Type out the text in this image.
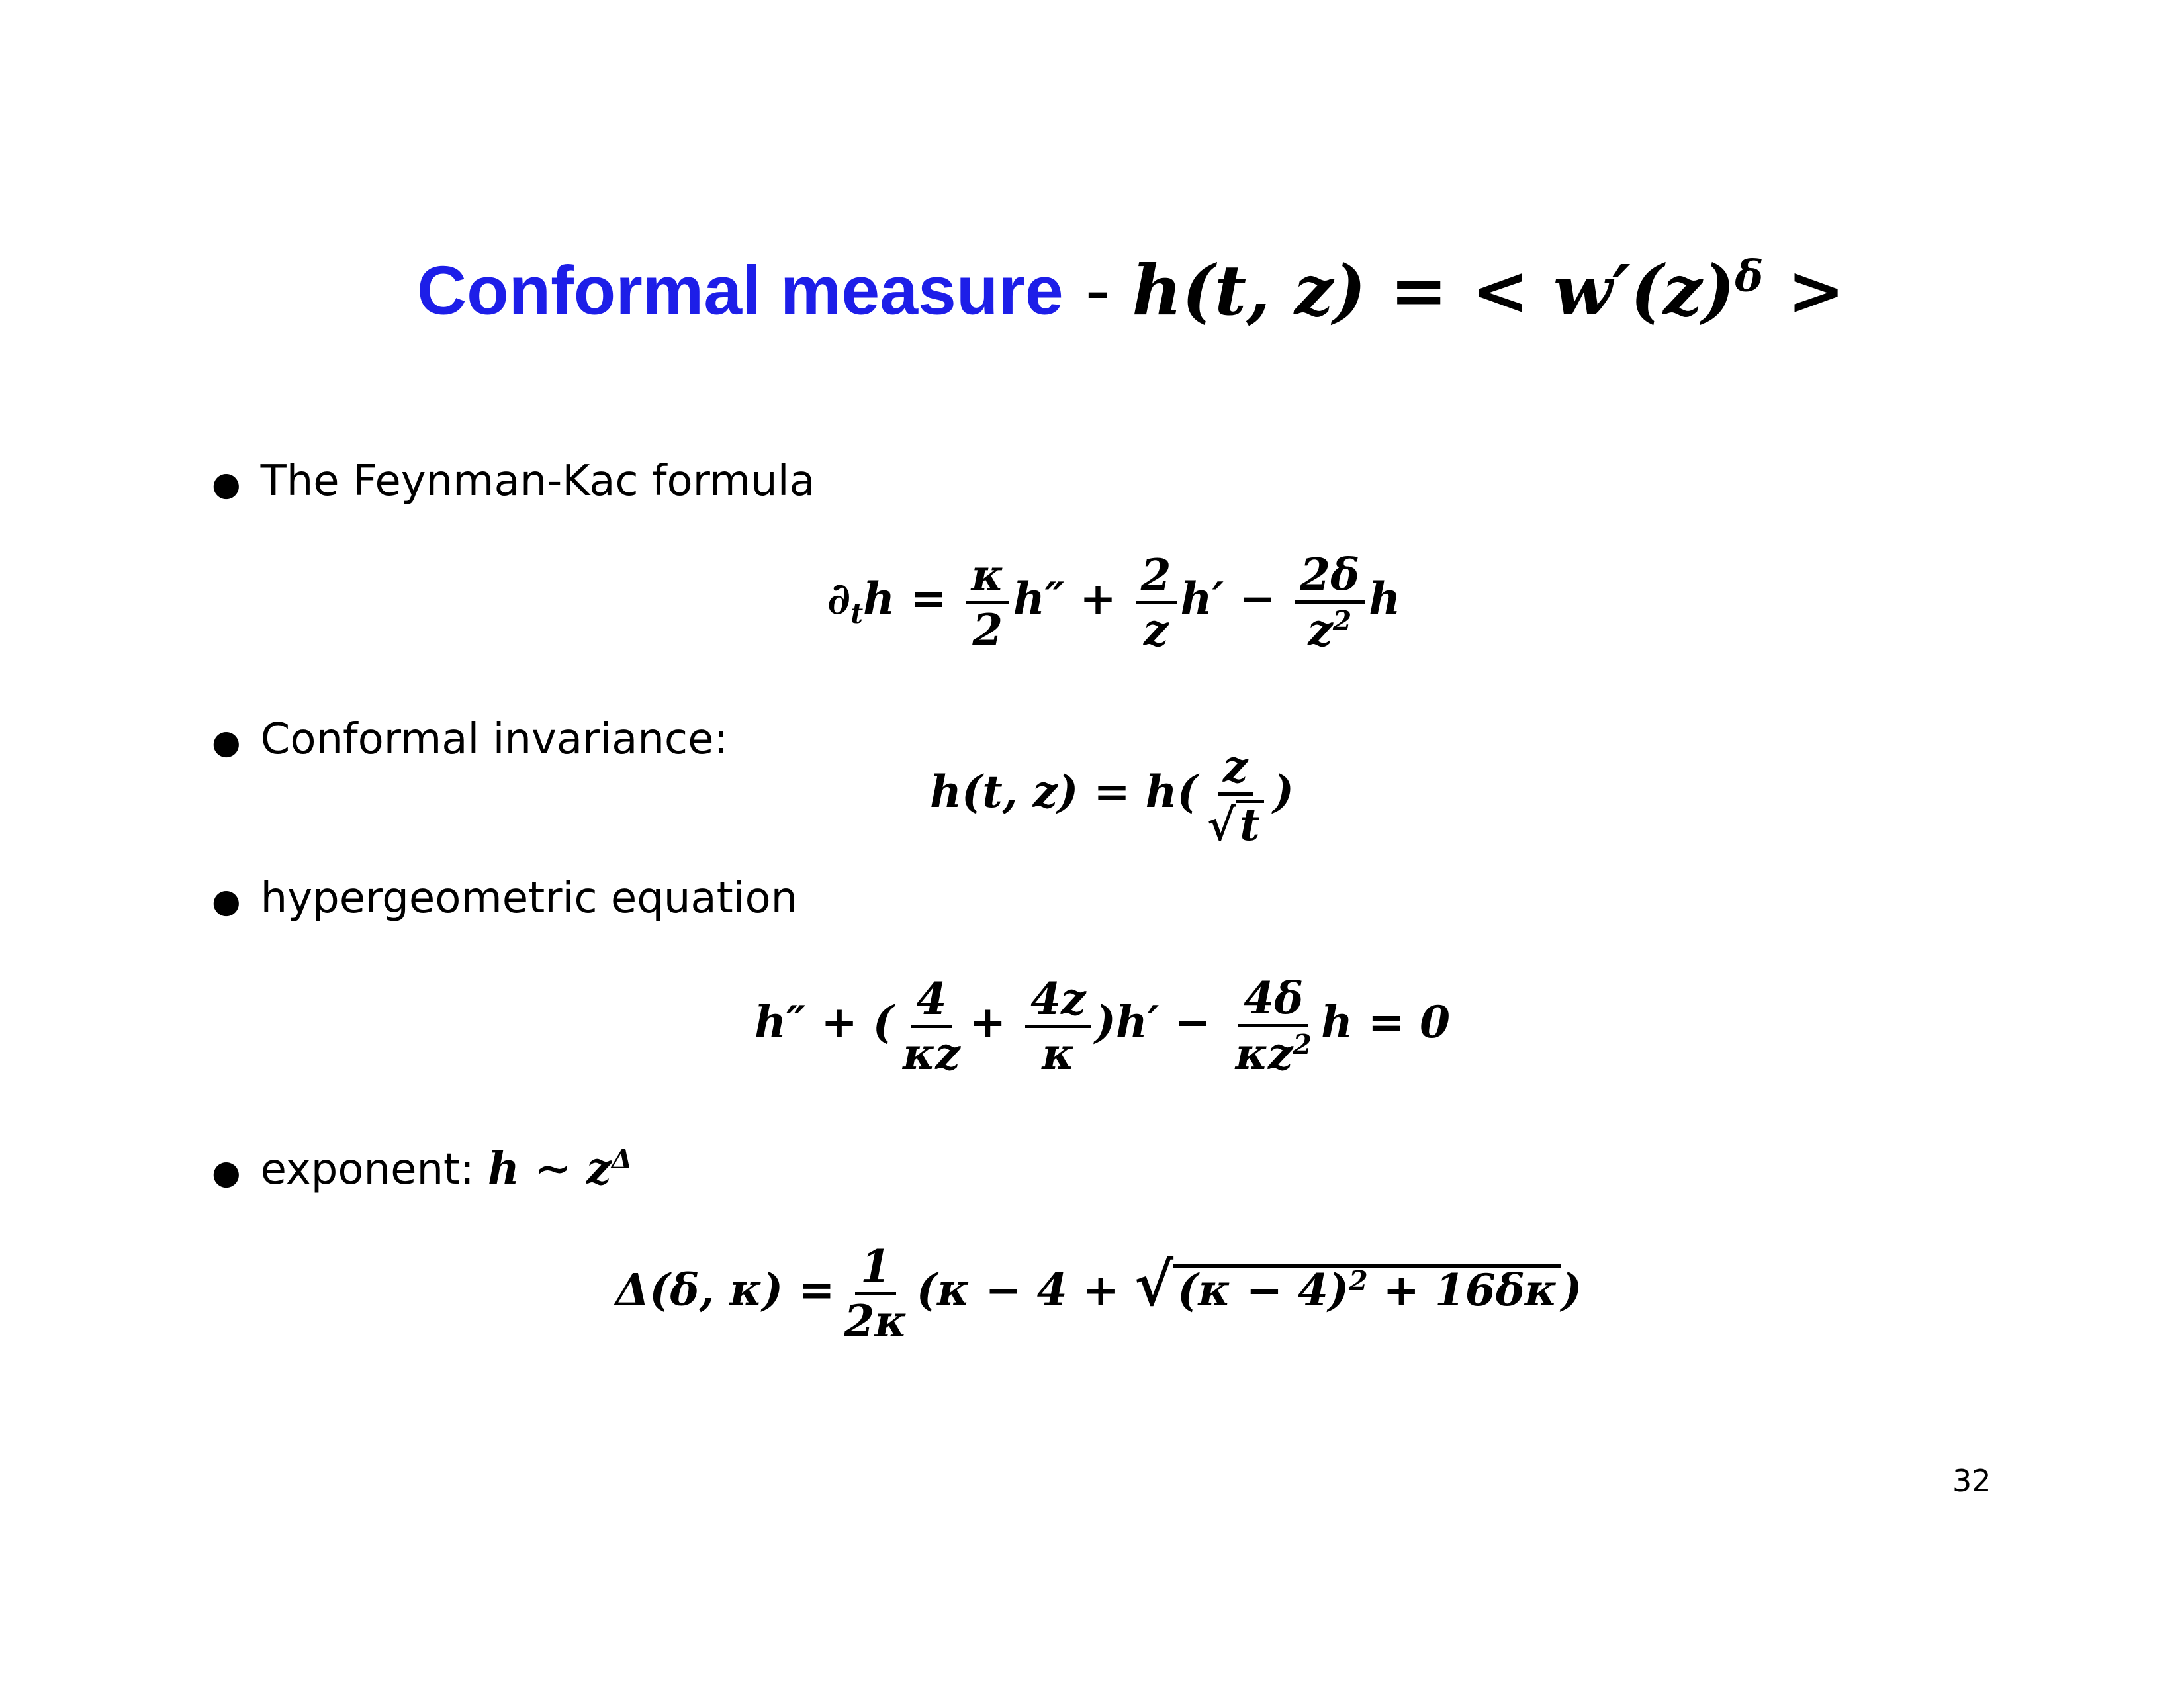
Conformal measure - h(t, z) = < $w'(z)^\delta$ >
● The Feynman-Kac formula
$\partial_th = \frac{\kappa}{2} h'' + \frac{2}{z} h' - \frac{2\delta}{z^2}$ h
● Conformal invariance:
h(t, $z) = h( \frac{z}{√t}$ )
● hypergeometric equation
h″ + ( $\frac{4}{\kappa z} + \frac{4z}{\kappa} )h' - \frac{4\delta}{\kappa z^2}$ h = 0
● exponent: h ∼ $z^\Delta$
Δ(δ, $\kappa) = \frac{1}{2\kappa} (\kappa - 4 + √(\kappa - 4)^2 + 16\delta\kappa)$
32
